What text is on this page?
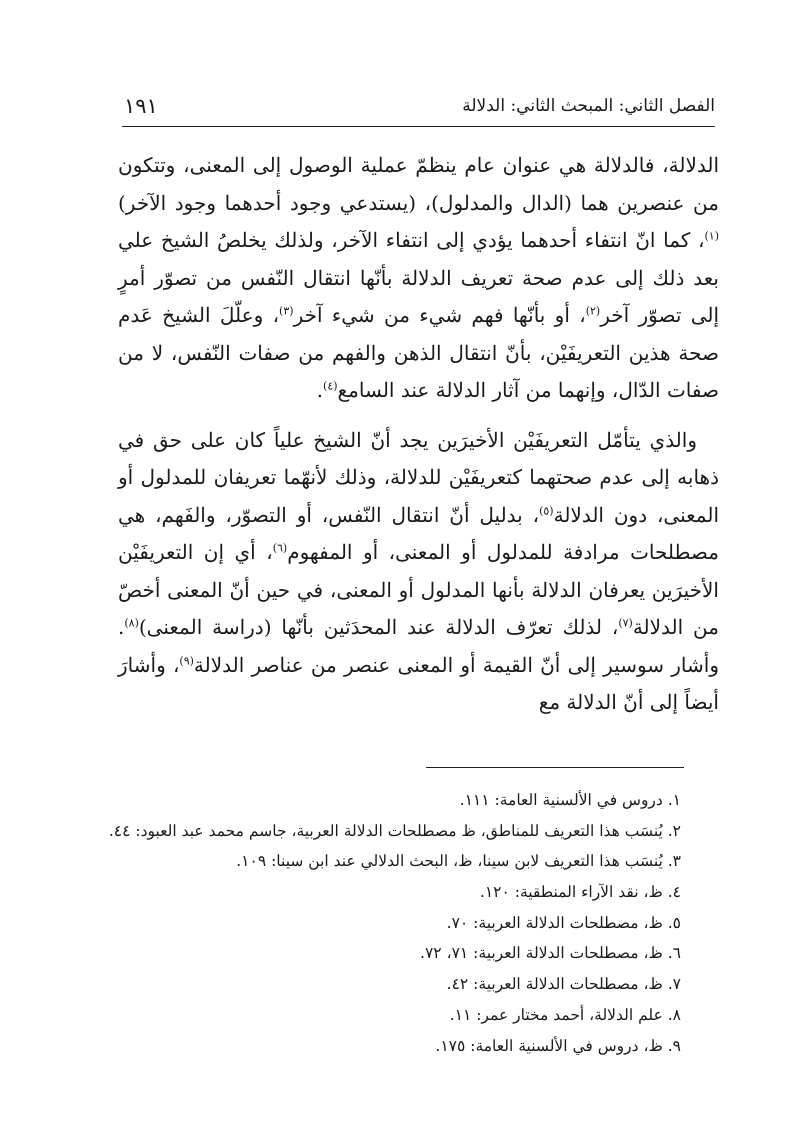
الفصل الثاني: المبحث الثاني: الدلالة
١٩١

الدلالة، فالدلالة هي عنوان عام ينظمّ عملية الوصول إلى المعنى، وتتكون من عنصرين هما (الدال والمدلول)، (يستدعي وجود أحدهما وجود الآخر)$^{(١)}$، كما انّ انتفاء أحدهما يؤدي إلى انتفاء الآخر، ولذلك يخلصُ الشيخ علي بعد ذلك إلى عدم صحة تعريف الدلالة بأنّها انتقال النّفس من تصوّر أمرٍ إلى تصوّر آخر$^{(٢)}$، أو بأنّها فهم شيء من شيء آخر$^{(٣)}$، وعلّلَ الشيخ عَدم صحة هذين التعريفَيْن، بأنّ انتقال الذهن والفهم من صفات النّفس، لا من صفات الدّال، وإنهما من آثار الدلالة عند السامع$^{(٤)}$.

والذي يتأمّل التعريفَيْن الأخيرَين يجد أنّ الشيخ علياً كان على حق في ذهابه إلى عدم صحتهما كتعريفَيْن للدلالة، وذلك لأنهّما تعريفان للمدلول أو المعنى، دون الدلالة$^{(٥)}$، بدليل أنّ انتقال النّفس، أو التصوّر، والفَهم، هي مصطلحات مرادفة للمدلول أو المعنى، أو المفهوم$^{(٦)}$، أي إن التعريفَيْن الأخيرَين يعرفان الدلالة بأنها المدلول أو المعنى، في حين أنّ المعنى أخصّ من الدلالة$^{(٧)}$، لذلك تعرّف الدلالة عند المحدَثين بأنّها (دراسة المعنى)$^{(٨)}$. وأشار سوسير إلى أنّ القيمة أو المعنى عنصر من عناصر الدلالة$^{(٩)}$، وأشارَ أيضاً إلى أنّ الدلالة مع

١. دروس في الألسنية العامة: ١١١.
٢. يُنسَب هذا التعريف للمناطق، ظ مصطلحات الدلالة العربية، جاسم محمد عبد العبود: ٤٤.
٣. يُنسَب هذا التعريف لابن سينا، ظ، البحث الدلالي عند ابن سينا: ١٠٩.
٤. ظ، نقد الآراء المنطقية: ١٢٠.
٥. ظ، مصطلحات الدلالة العربية: ٧٠.
٦. ظ، مصطلحات الدلالة العربية: ٧١، ٧٢.
٧. ظ، مصطلحات الدلالة العربية: ٤٢.
٨. علم الدلالة، أحمد مختار عمر: ١١.
٩. ظ، دروس في الألسنية العامة: ١٧٥.
